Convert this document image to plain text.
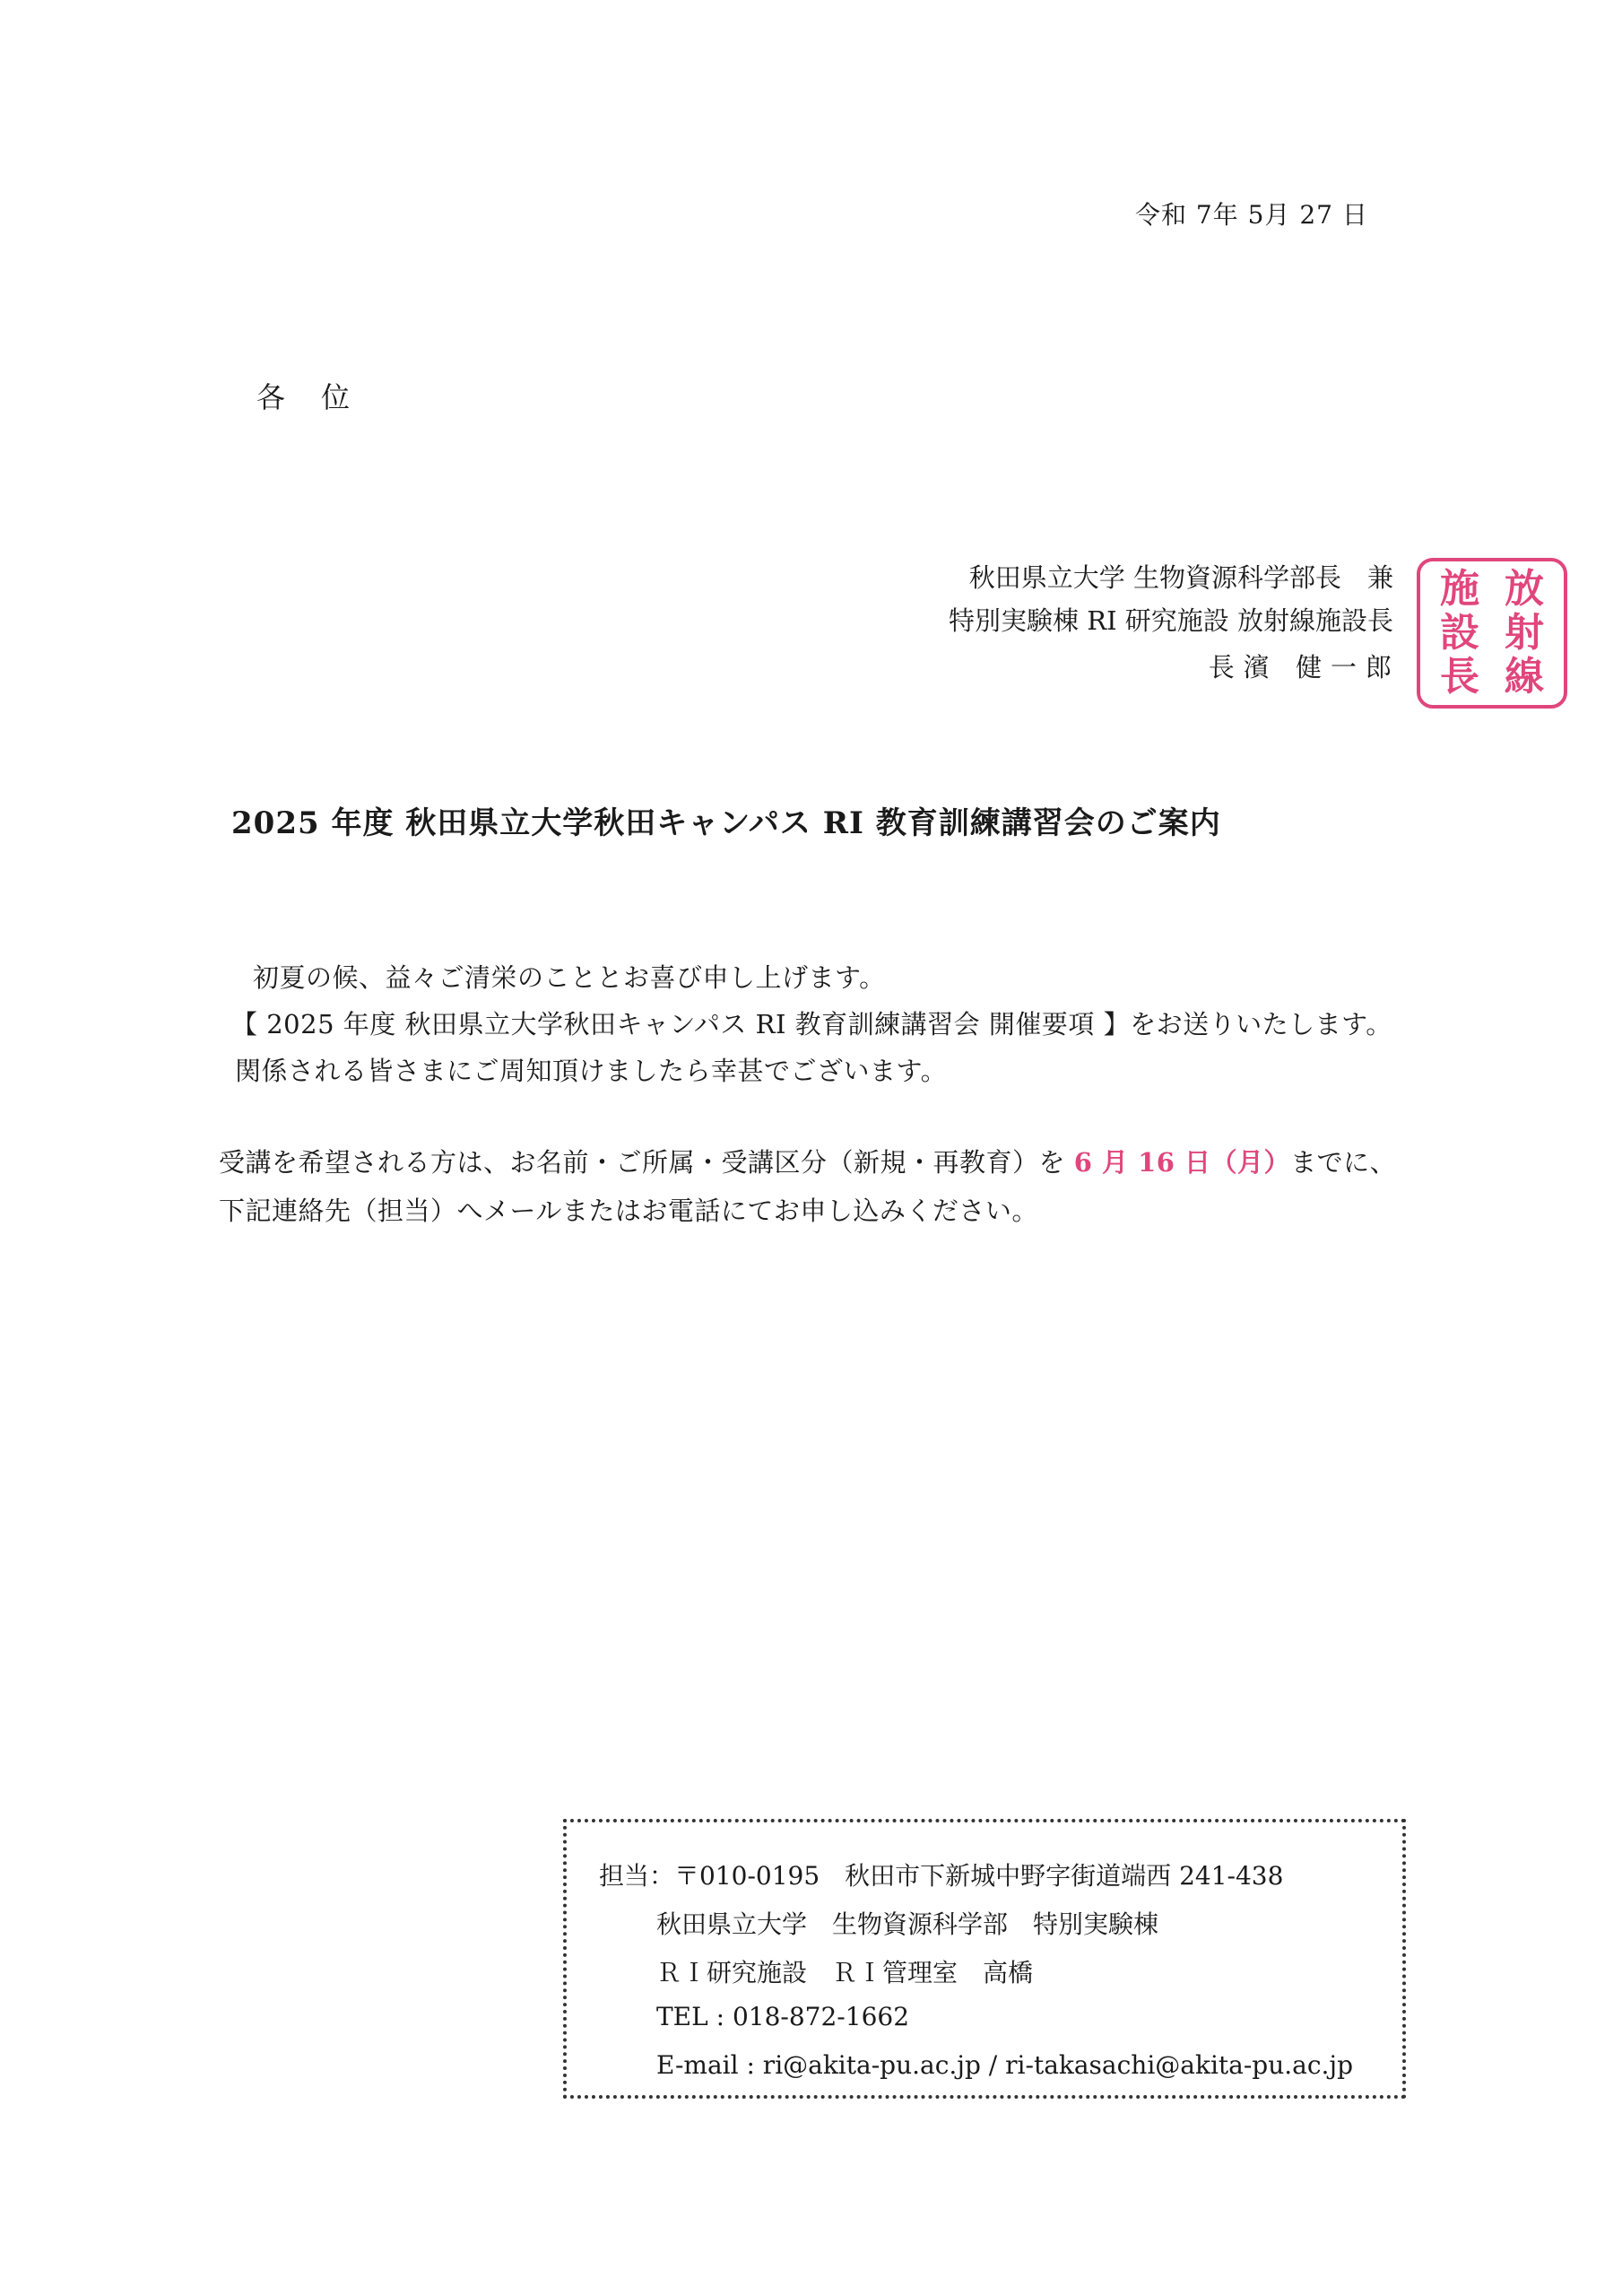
令和 7年 5月 27 日
各位
秋田県立大学 生物資源科学部長　兼
特別実験棟 RI 研究施設 放射線施設長
長濱 健一郎
放
射
線
施
設
長
2025 年度 秋田県立大学秋田キャンパス RI 教育訓練講習会のご案内
初夏の候、益々ご清栄のこととお喜び申し上げます。
【 2025 年度 秋田県立大学秋田キャンパス RI 教育訓練講習会 開催要項 】をお送りいたします。
関係される皆さまにご周知頂けましたら幸甚でございます。
受講を希望される方は、お名前・ご所属・受講区分（新規・再教育）を 6 月 16 日（月）までに、
下記連絡先（担当）へメールまたはお電話にてお申し込みください。
担当：〒010-0195　秋田市下新城中野字街道端西 241-438
秋田県立大学　生物資源科学部　特別実験棟
ＲＩ研究施設　ＲＩ管理室　高橋
TEL : 018-872-1662
E-mail : ri@akita-pu.ac.jp / ri-takasachi@akita-pu.ac.jp
